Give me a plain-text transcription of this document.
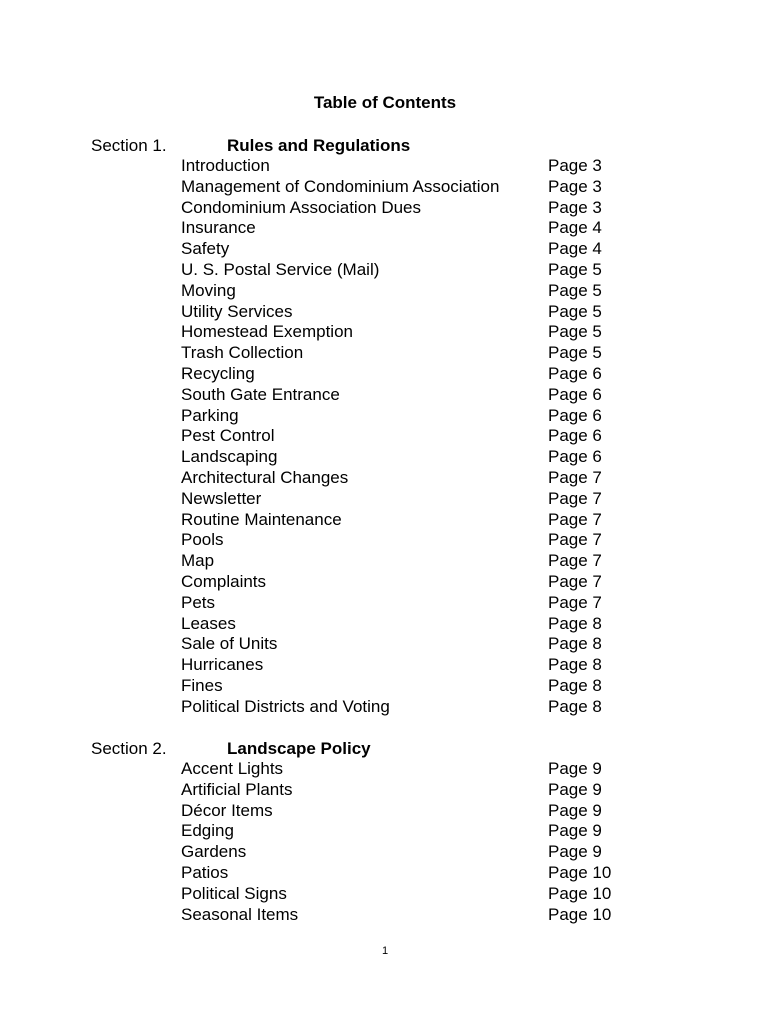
Table of Contents
Section 1.	Rules and Regulations
Introduction	Page 3
Management of Condominium Association	Page 3
Condominium Association Dues	Page 3
Insurance	Page 4
Safety	Page 4
U. S. Postal Service (Mail)	Page 5
Moving	Page 5
Utility Services	Page 5
Homestead Exemption	Page 5
Trash Collection	Page 5
Recycling	Page 6
South Gate Entrance	Page 6
Parking	Page 6
Pest Control	Page 6
Landscaping	Page 6
Architectural Changes	Page 7
Newsletter	Page 7
Routine Maintenance	Page 7
Pools	Page 7
Map	Page 7
Complaints	Page 7
Pets	Page 7
Leases	Page 8
Sale of Units	Page 8
Hurricanes	Page 8
Fines	Page 8
Political Districts and Voting	Page 8
Section 2.	Landscape Policy
Accent Lights	Page 9
Artificial Plants	Page 9
Décor Items	Page 9
Edging	Page 9
Gardens	Page 9
Patios	Page 10
Political Signs	Page 10
Seasonal Items	Page 10
1
